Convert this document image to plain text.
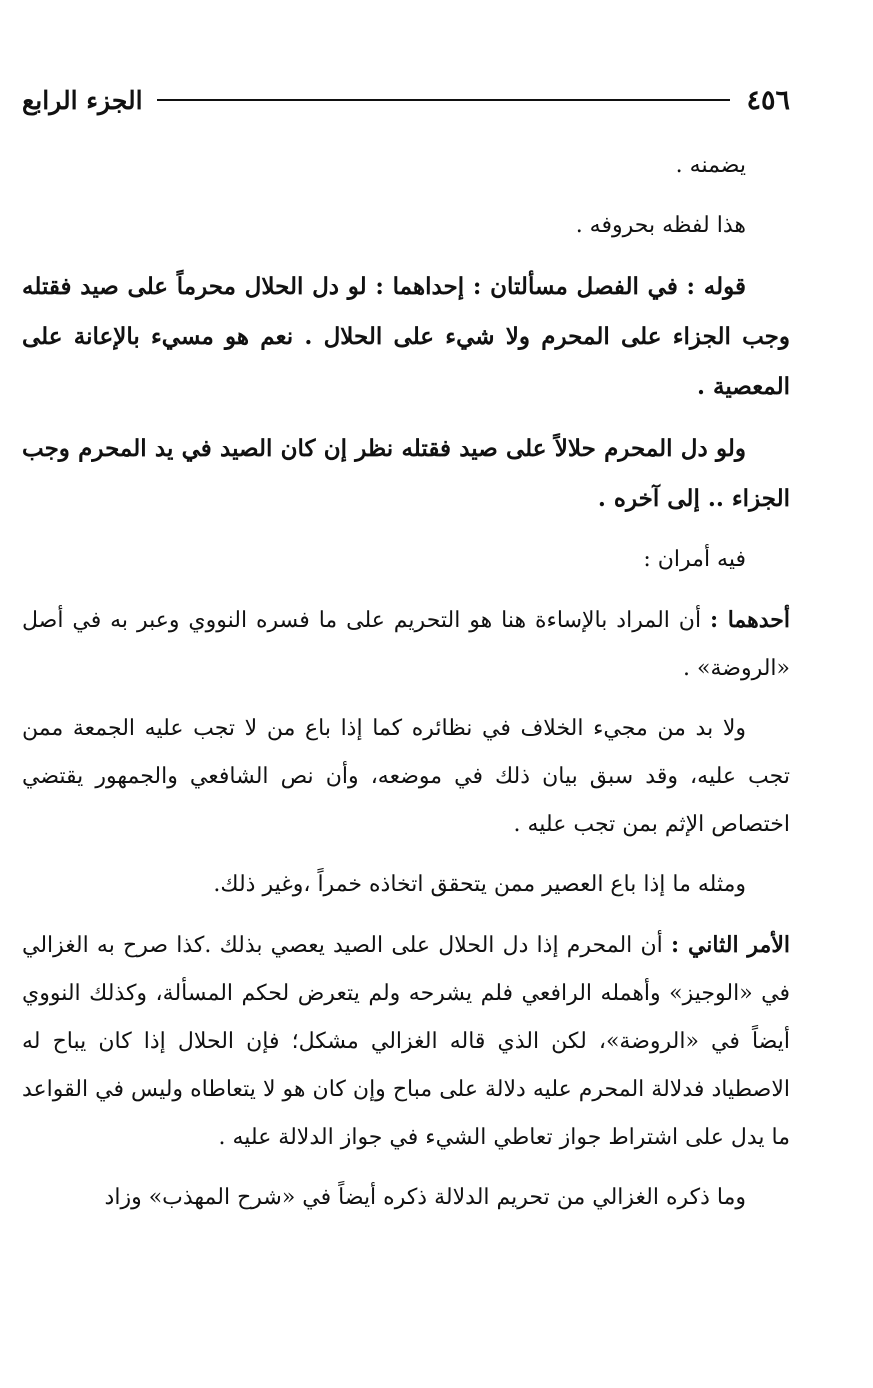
٤٥٦
الجزء الرابع

يضمنه .

هذا لفظه بحروفه .

قوله : في الفصل مسألتان : إحداهما : لو دل الحلال محرماً على صيد فقتله وجب الجزاء على المحرم ولا شيء على الحلال . نعم هو مسيء بالإعانة على المعصية .

ولو دل المحرم حلالاً على صيد فقتله نظر إن كان الصيد في يد المحرم وجب الجزاء .. إلى آخره .

فيه أمران :

أحدهما : أن المراد بالإساءة هنا هو التحريم على ما فسره النووي وعبر به في أصل «الروضة» .

ولا بد من مجيء الخلاف في نظائره كما إذا باع من لا تجب عليه الجمعة ممن تجب عليه، وقد سبق بيان ذلك في موضعه، وأن نص الشافعي والجمهور يقتضي اختصاص الإثم بمن تجب عليه .

ومثله ما إذا باع العصير ممن يتحقق اتخاذه خمراً ،وغير ذلك.

الأمر الثاني : أن المحرم إذا دل الحلال على الصيد يعصي بذلك .كذا صرح به الغزالي في «الوجيز» وأهمله الرافعي فلم يشرحه ولم يتعرض لحكم المسألة، وكذلك النووي أيضاً في «الروضة»، لكن الذي قاله الغزالي مشكل؛ فإن الحلال إذا كان يباح له الاصطياد فدلالة المحرم عليه دلالة على مباح وإن كان هو لا يتعاطاه وليس في القواعد ما يدل على اشتراط جواز تعاطي الشيء في جواز الدلالة عليه .

وما ذكره الغزالي من تحريم الدلالة ذكره أيضاً في «شرح المهذب» وزاد
